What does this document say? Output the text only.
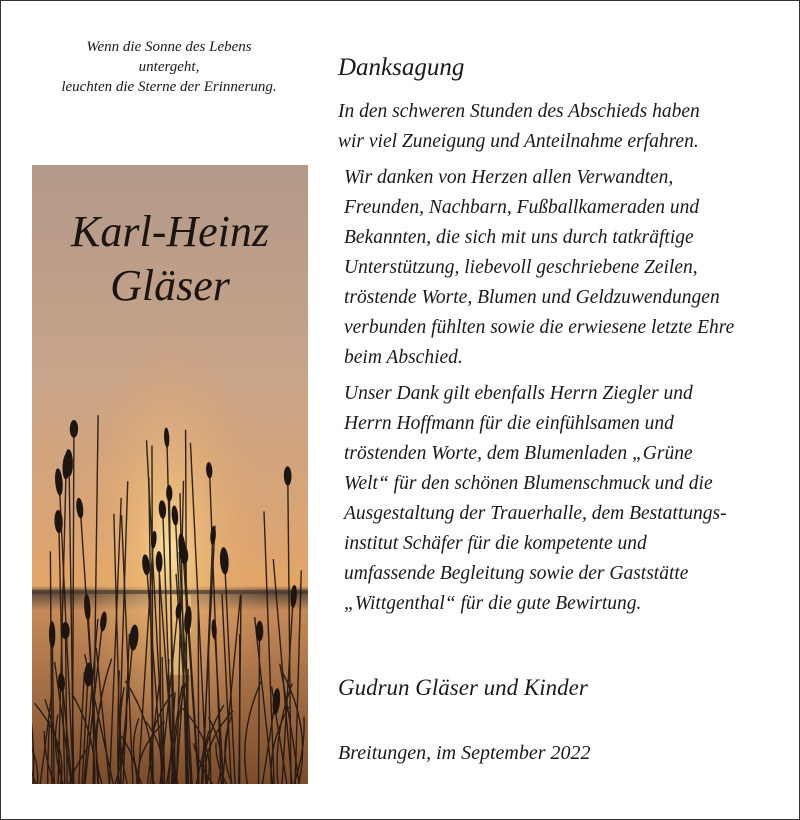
Wenn die Sonne des Lebens
untergeht,
leuchten die Sterne der Erinnerung.
Karl-Heinz
Gläser
Danksagung
In den schweren Stunden des Abschieds haben
wir viel Zuneigung und Anteilnahme erfahren.
Wir danken von Herzen allen Verwandten,
Freunden, Nachbarn, Fußballkameraden und
Bekannten, die sich mit uns durch tatkräftige
Unterstützung, liebevoll geschriebene Zeilen,
tröstende Worte, Blumen und Geldzuwendungen
verbunden fühlten sowie die erwiesene letzte Ehre
beim Abschied.
Unser Dank gilt ebenfalls Herrn Ziegler und
Herrn Hoffmann für die einfühlsamen und
tröstenden Worte, dem Blumenladen „Grüne
Welt“ für den schönen Blumenschmuck und die
Ausgestaltung der Trauerhalle, dem Bestattungs-
institut Schäfer für die kompetente und
umfassende Begleitung sowie der Gaststätte
„Wittgenthal“ für die gute Bewirtung.
Gudrun Gläser und Kinder
Breitungen, im September 2022
